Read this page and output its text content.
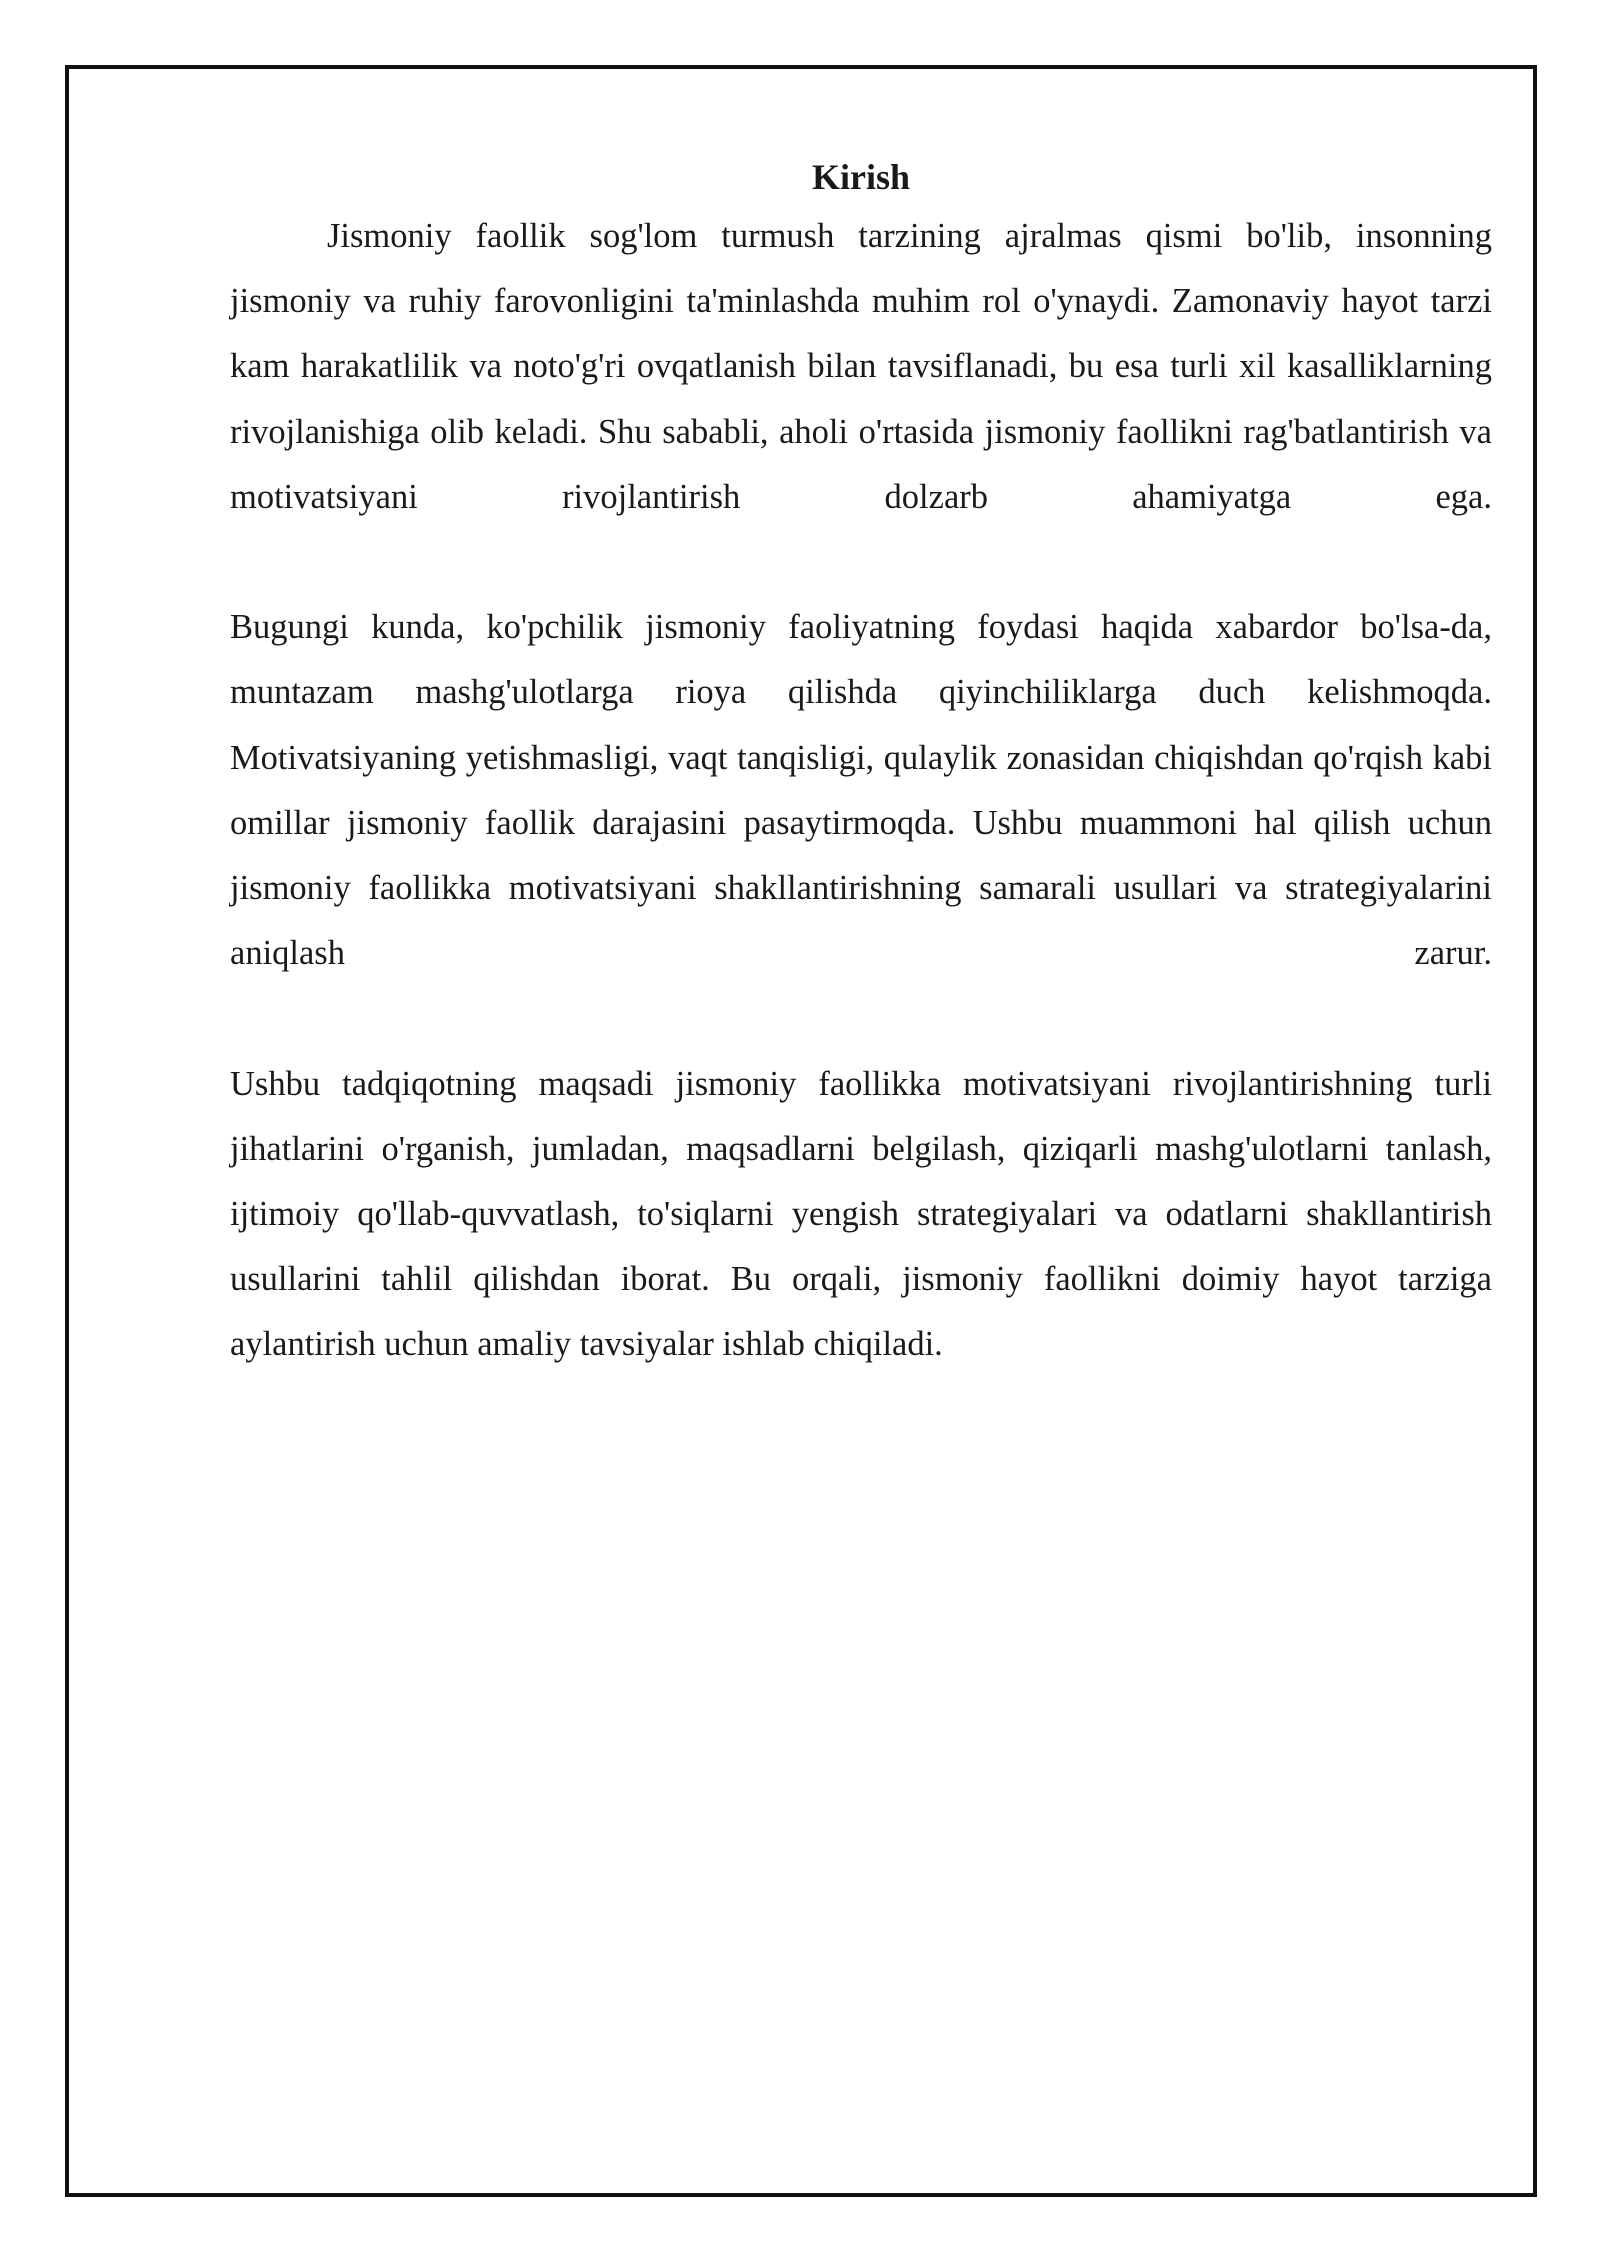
Kirish

Jismoniy faollik sog'lom turmush tarzining ajralmas qismi bo'lib, insonning jismoniy va ruhiy farovonligini ta'minlashda muhim rol o'ynaydi. Zamonaviy hayot tarzi kam harakatlilik va noto'g'ri ovqatlanish bilan tavsiflanadi, bu esa turli xil kasalliklarning rivojlanishiga olib keladi. Shu sababli, aholi o'rtasida jismoniy faollikni rag'batlantirish va motivatsiyani rivojlantirish dolzarb ahamiyatga ega.

Bugungi kunda, ko'pchilik jismoniy faoliyatning foydasi haqida xabardor bo'lsa-da, muntazam mashg'ulotlarga rioya qilishda qiyinchiliklarga duch kelishmoqda. Motivatsiyaning yetishmasligi, vaqt tanqisligi, qulaylik zonasidan chiqishdan qo'rqish kabi omillar jismoniy faollik darajasini pasaytirmoqda. Ushbu muammoni hal qilish uchun jismoniy faollikka motivatsiyani shakllantirishning samarali usullari va strategiyalarini aniqlash zarur.

Ushbu tadqiqotning maqsadi jismoniy faollikka motivatsiyani rivojlantirishning turli jihatlarini o'rganish, jumladan, maqsadlarni belgilash, qiziqarli mashg'ulotlarni tanlash, ijtimoiy qo'llab-quvvatlash, to'siqlarni yengish strategiyalari va odatlarni shakllantirish usullarini tahlil qilishdan iborat. Bu orqali, jismoniy faollikni doimiy hayot tarziga aylantirish uchun amaliy tavsiyalar ishlab chiqiladi.
